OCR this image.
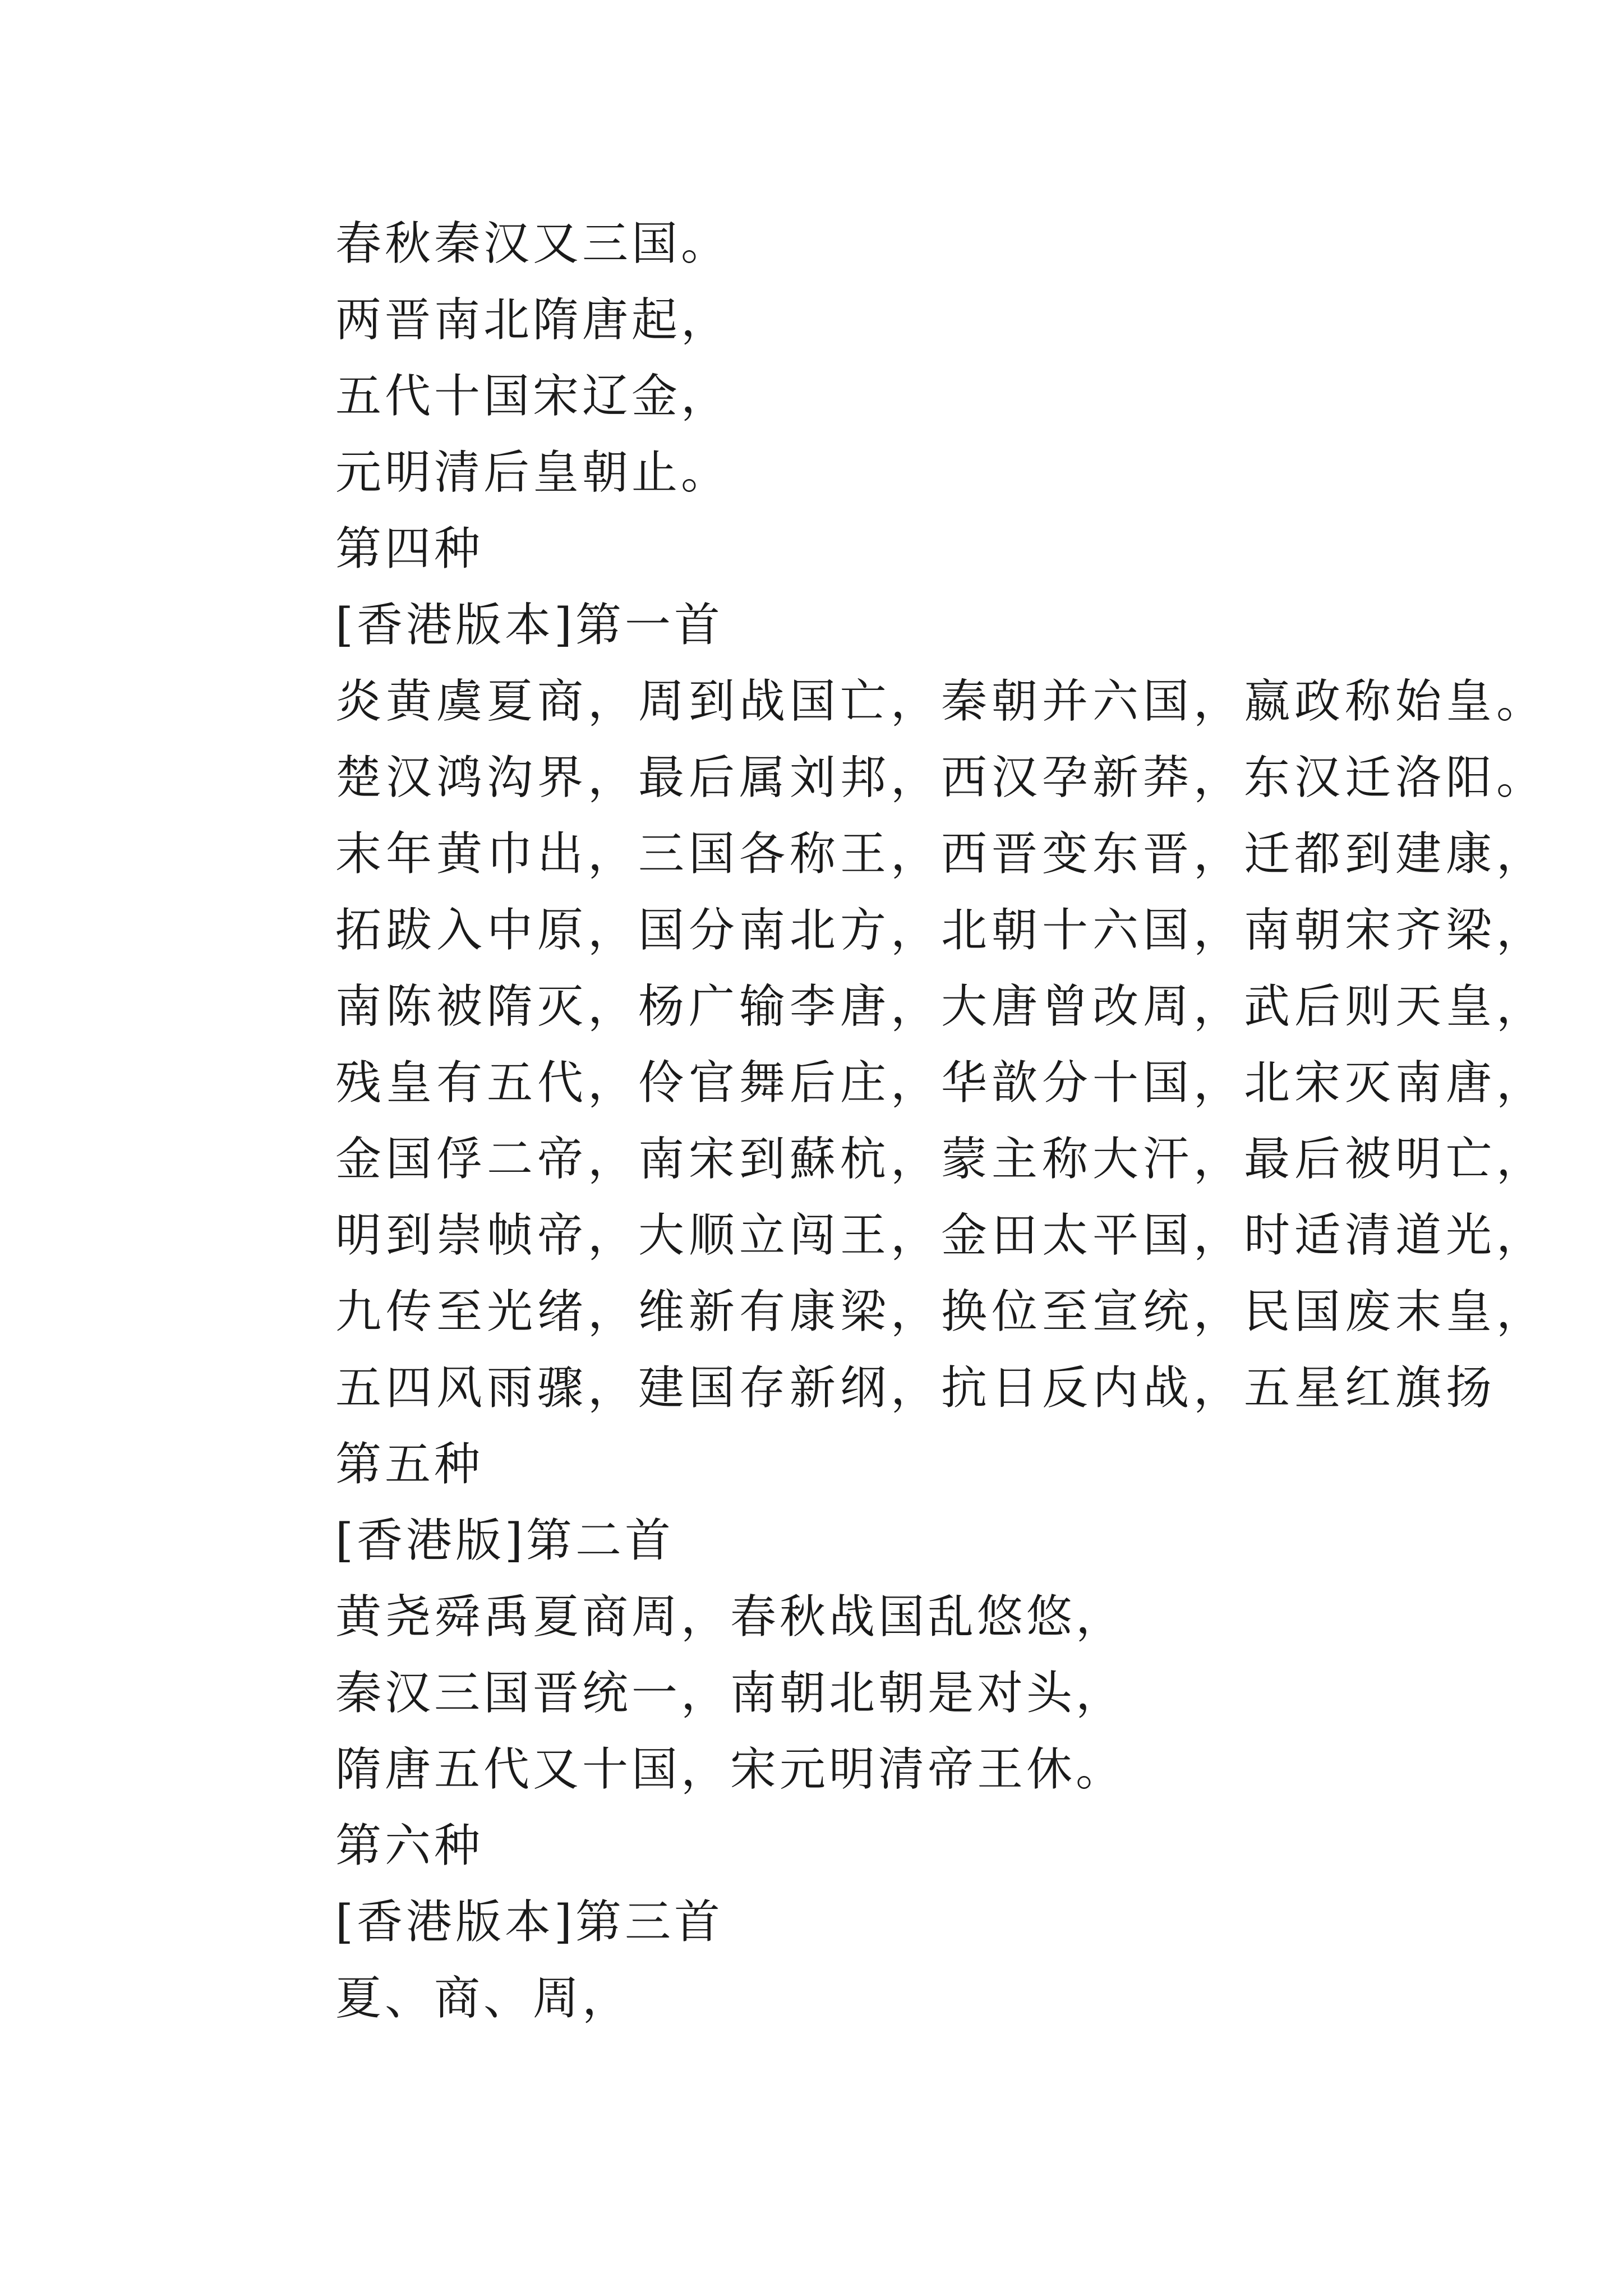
春秋秦汉又三国。
两晋南北隋唐起，
五代十国宋辽金，
元明清后皇朝止。
第四种
[香港版本]第一首
炎黄虞夏商，周到战国亡，秦朝并六国，嬴政称始皇。
楚汉鸿沟界，最后属刘邦，西汉孕新莽，东汉迁洛阳。
末年黄巾出，三国各称王，西晋变东晋，迁都到建康，
拓跋入中原，国分南北方，北朝十六国，南朝宋齐梁，
南陈被隋灭，杨广输李唐，大唐曾改周，武后则天皇，
残皇有五代，伶官舞后庄，华歆分十国，北宋灭南唐，
金国俘二帝，南宋到蘇杭，蒙主称大汗，最后被明亡，
明到崇帧帝，大顺立闯王，金田太平国，时适清道光，
九传至光绪，维新有康梁，换位至宣统，民国废末皇，
五四风雨骤，建国存新纲，抗日反内战，五星红旗扬
第五种
[香港版]第二首
黄尧舜禹夏商周，春秋战国乱悠悠，
秦汉三国晋统一，南朝北朝是对头，
隋唐五代又十国，宋元明清帝王休。
第六种
[香港版本]第三首
夏、商、周，
